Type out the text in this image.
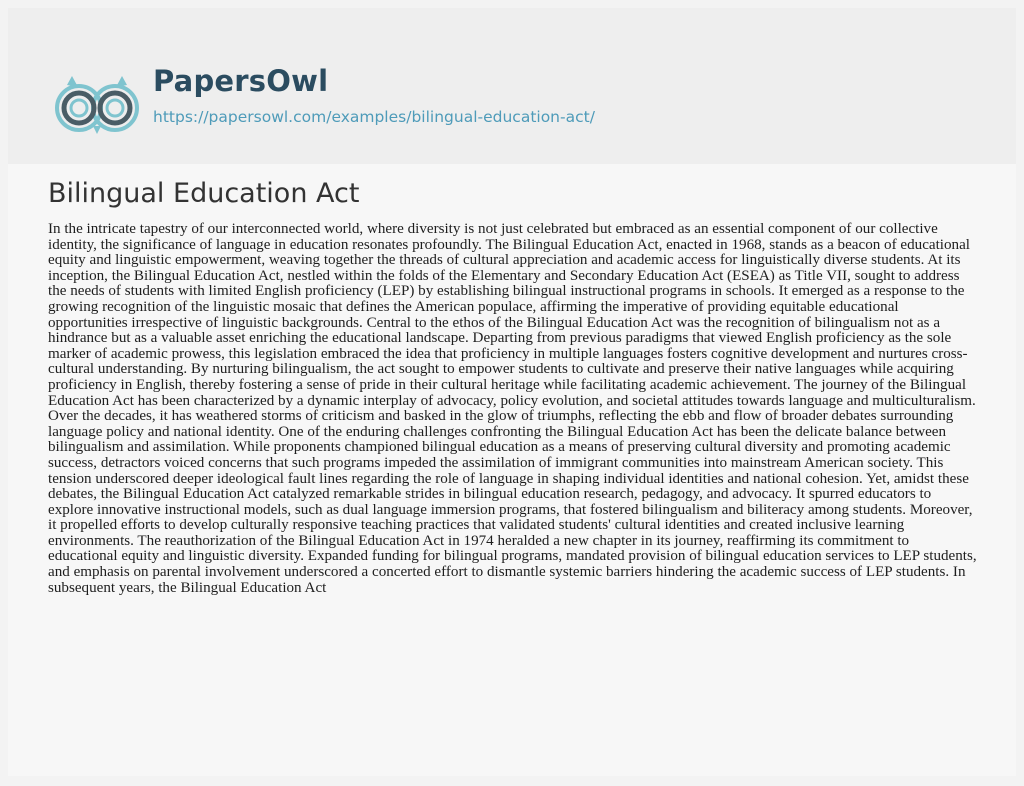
PapersOwl
https://papersowl.com/examples/bilingual-education-act/
Bilingual Education Act

In the intricate tapestry of our interconnected world, where diversity is not just celebrated but embraced as an essential component of our collective identity, the significance of language in education resonates profoundly. The Bilingual Education Act, enacted in 1968, stands as a beacon of educational equity and linguistic empowerment, weaving together the threads of cultural appreciation and academic access for linguistically diverse students. At its inception, the Bilingual Education Act, nestled within the folds of the Elementary and Secondary Education Act (ESEA) as Title VII, sought to address the needs of students with limited English proficiency (LEP) by establishing bilingual instructional programs in schools. It emerged as a response to the growing recognition of the linguistic mosaic that defines the American populace, affirming the imperative of providing equitable educational opportunities irrespective of linguistic backgrounds. Central to the ethos of the Bilingual Education Act was the recognition of bilingualism not as a hindrance but as a valuable asset enriching the educational landscape. Departing from previous paradigms that viewed English proficiency as the sole marker of academic prowess, this legislation embraced the idea that proficiency in multiple languages fosters cognitive development and nurtures cross-cultural understanding. By nurturing bilingualism, the act sought to empower students to cultivate and preserve their native languages while acquiring proficiency in English, thereby fostering a sense of pride in their cultural heritage while facilitating academic achievement. The journey of the Bilingual Education Act has been characterized by a dynamic interplay of advocacy, policy evolution, and societal attitudes towards language and multiculturalism. Over the decades, it has weathered storms of criticism and basked in the glow of triumphs, reflecting the ebb and flow of broader debates surrounding language policy and national identity. One of the enduring challenges confronting the Bilingual Education Act has been the delicate balance between bilingualism and assimilation. While proponents championed bilingual education as a means of preserving cultural diversity and promoting academic success, detractors voiced concerns that such programs impeded the assimilation of immigrant communities into mainstream American society. This tension underscored deeper ideological fault lines regarding the role of language in shaping individual identities and national cohesion. Yet, amidst these debates, the Bilingual Education Act catalyzed remarkable strides in bilingual education research, pedagogy, and advocacy. It spurred educators to explore innovative instructional models, such as dual language immersion programs, that fostered bilingualism and biliteracy among students. Moreover, it propelled efforts to develop culturally responsive teaching practices that validated students' cultural identities and created inclusive learning environments. The reauthorization of the Bilingual Education Act in 1974 heralded a new chapter in its journey, reaffirming its commitment to educational equity and linguistic diversity. Expanded funding for bilingual programs, mandated provision of bilingual education services to LEP students, and emphasis on parental involvement underscored a concerted effort to dismantle systemic barriers hindering the academic success of LEP students. In subsequent years, the Bilingual Education Act
